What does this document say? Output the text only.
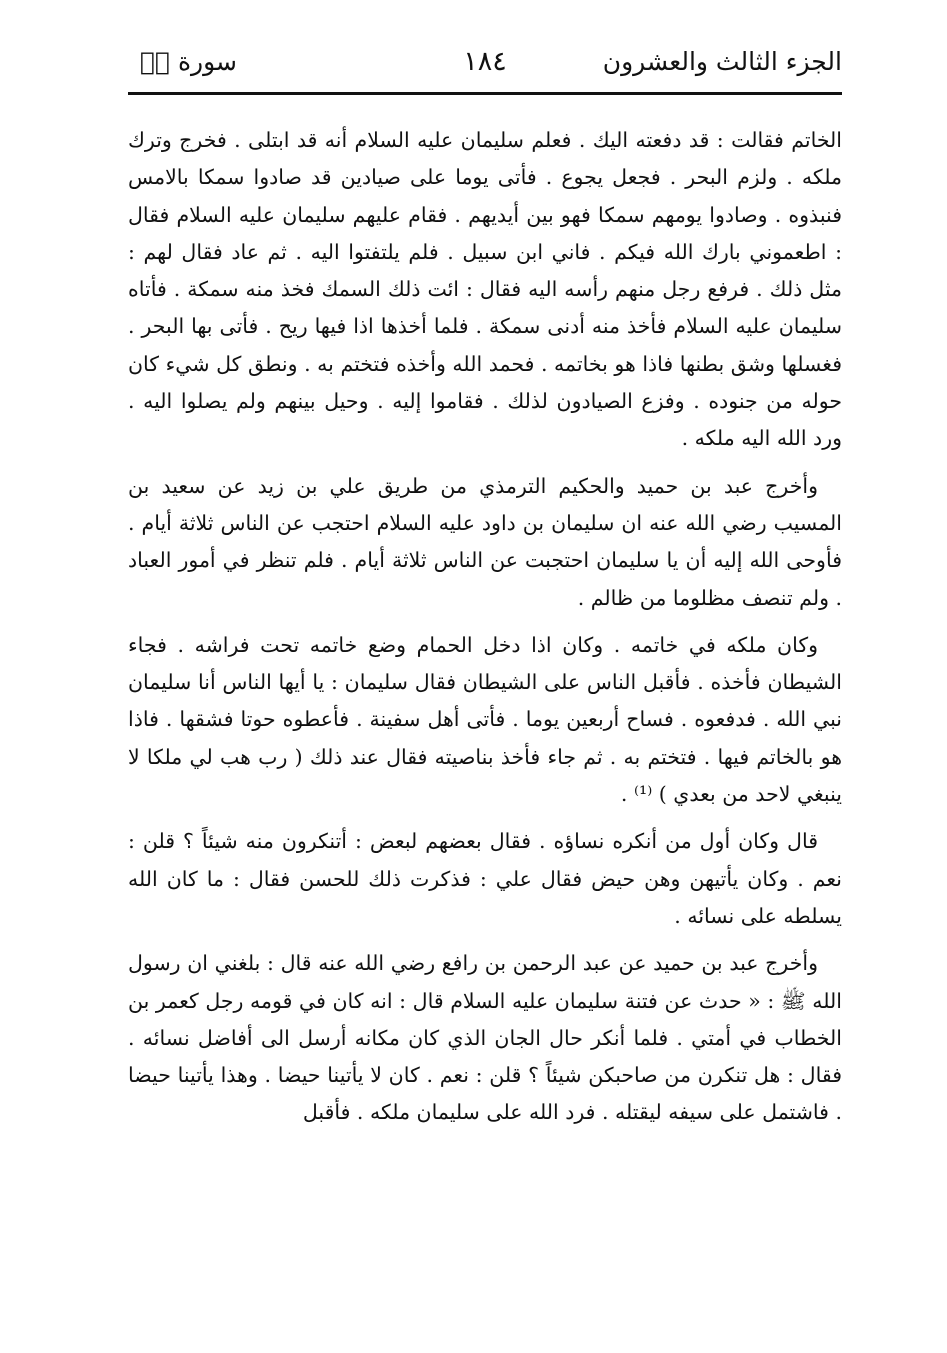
الجزء الثالث والعشرون
١٨٤
سورة صۤ

الخاتم فقالت : قد دفعته اليك . فعلم سليمان عليه السلام أنه قد ابتلى . فخرج وترك ملكه . ولزم البحر . فجعل يجوع . فأتى يوما على صيادين قد صادوا سمكا بالامس فنبذوه . وصادوا يومهم سمكا فهو بين أيديهم . فقام عليهم سليمان عليه السلام فقال : اطعموني بارك الله فيكم . فاني ابن سبيل . فلم يلتفتوا اليه . ثم عاد فقال لهم : مثل ذلك . فرفع رجل منهم رأسه اليه فقال : ائت ذلك السمك فخذ منه سمكة . فأتاه سليمان عليه السلام فأخذ منه أدنى سمكة . فلما أخذها اذا فيها ريح . فأتى بها البحر . فغسلها وشق بطنها فاذا هو بخاتمه . فحمد الله وأخذه فتختم به . ونطق كل شيء كان حوله من جنوده . وفزع الصيادون لذلك . فقاموا إليه . وحيل بينهم ولم يصلوا اليه . ورد الله اليه ملكه .

وأخرج عبد بن حميد والحكيم الترمذي من طريق علي بن زيد عن سعيد بن المسيب رضي الله عنه ان سليمان بن داود عليه السلام احتجب عن الناس ثلاثة أيام . فأوحى الله إليه أن يا سليمان احتجبت عن الناس ثلاثة أيام . فلم تنظر في أمور العباد . ولم تنصف مظلوما من ظالم .

وكان ملكه في خاتمه . وكان اذا دخل الحمام وضع خاتمه تحت فراشه . فجاء الشيطان فأخذه . فأقبل الناس على الشيطان فقال سليمان : يا أيها الناس أنا سليمان نبي الله . فدفعوه . فساح أربعين يوما . فأتى أهل سفينة . فأعطوه حوتا فشقها . فاذا هو بالخاتم فيها . فتختم به . ثم جاء فأخذ بناصيته فقال عند ذلك ( رب هب لي ملكا لا ينبغي لاحد من بعدي ) ⁽¹⁾ .

قال وكان أول من أنكره نساؤه . فقال بعضهم لبعض : أتنكرون منه شيئاً ؟ قلن : نعم . وكان يأتيهن وهن حيض فقال علي : فذكرت ذلك للحسن فقال : ما كان الله يسلطه على نسائه .

وأخرج عبد بن حميد عن عبد الرحمن بن رافع رضي الله عنه قال : بلغني ان رسول الله ﷺ : « حدث عن فتنة سليمان عليه السلام قال : انه كان في قومه رجل كعمر بن الخطاب في أمتي . فلما أنكر حال الجان الذي كان مكانه أرسل الى أفاضل نسائه . فقال : هل تنكرن من صاحبكن شيئاً ؟ قلن : نعم . كان لا يأتينا حيضا . وهذا يأتينا حيضا . فاشتمل على سيفه ليقتله . فرد الله على سليمان ملكه . فأقبل
